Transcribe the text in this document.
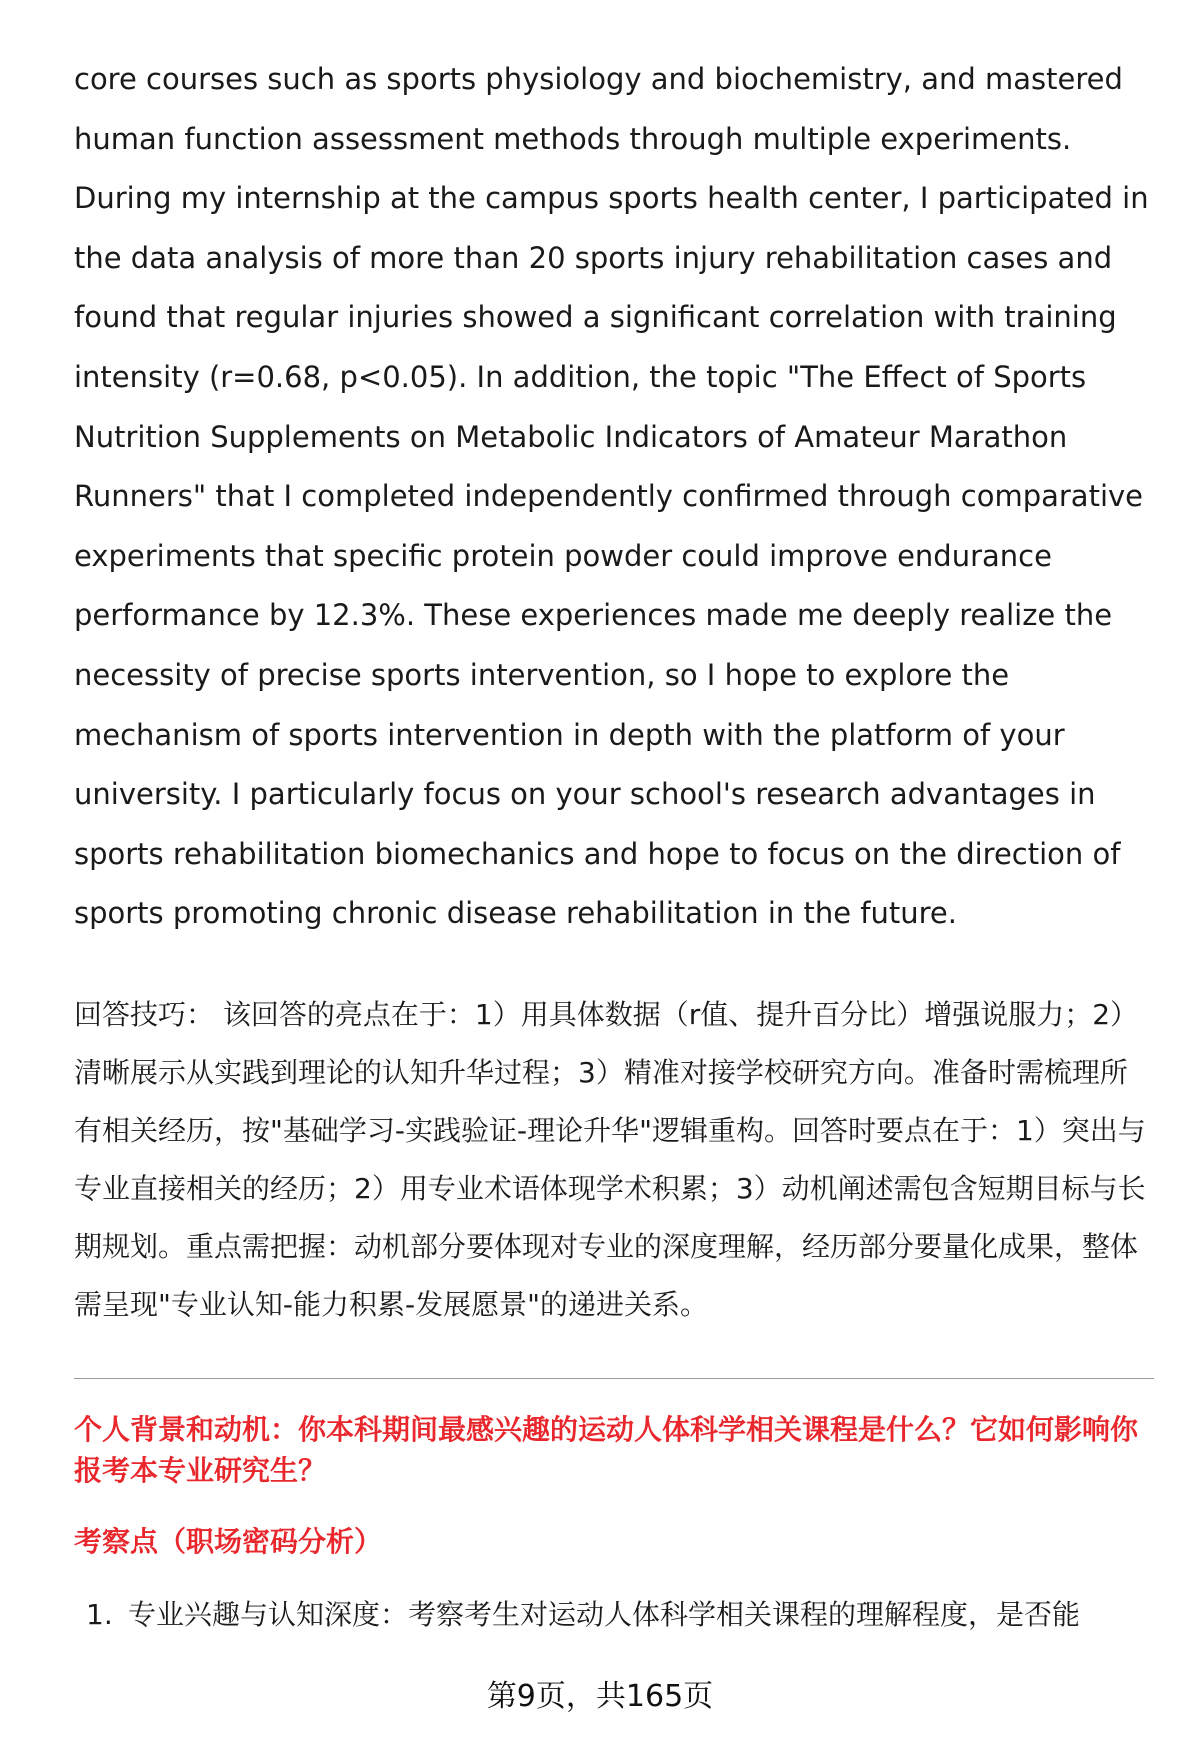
core courses such as sports physiology and biochemistry, and mastered human function assessment methods through multiple experiments. During my internship at the campus sports health center, I participated in the data analysis of more than 20 sports injury rehabilitation cases and found that regular injuries showed a significant correlation with training intensity (r=0.68, p<0.05). In addition, the topic "The Effect of Sports Nutrition Supplements on Metabolic Indicators of Amateur Marathon Runners" that I completed independently confirmed through comparative experiments that specific protein powder could improve endurance performance by 12.3%. These experiences made me deeply realize the necessity of precise sports intervention, so I hope to explore the mechanism of sports intervention in depth with the platform of your university. I particularly focus on your school's research advantages in sports rehabilitation biomechanics and hope to focus on the direction of sports promoting chronic disease rehabilitation in the future.

回答技巧： 该回答的亮点在于：1）用具体数据（r值、提升百分比）增强说服力；2）清晰展示从实践到理论的认知升华过程；3）精准对接学校研究方向。准备时需梳理所有相关经历，按"基础学习-实践验证-理论升华"逻辑重构。回答时要点在于：1）突出与专业直接相关的经历；2）用专业术语体现学术积累；3）动机阐述需包含短期目标与长期规划。重点需把握：动机部分要体现对专业的深度理解，经历部分要量化成果，整体需呈现"专业认知-能力积累-发展愿景"的递进关系。

个人背景和动机：你本科期间最感兴趣的运动人体科学相关课程是什么？它如何影响你报考本专业研究生？
考察点（职场密码分析）
1. 专业兴趣与认知深度：考察考生对运动人体科学相关课程的理解程度，是否能
第9页，共165页
